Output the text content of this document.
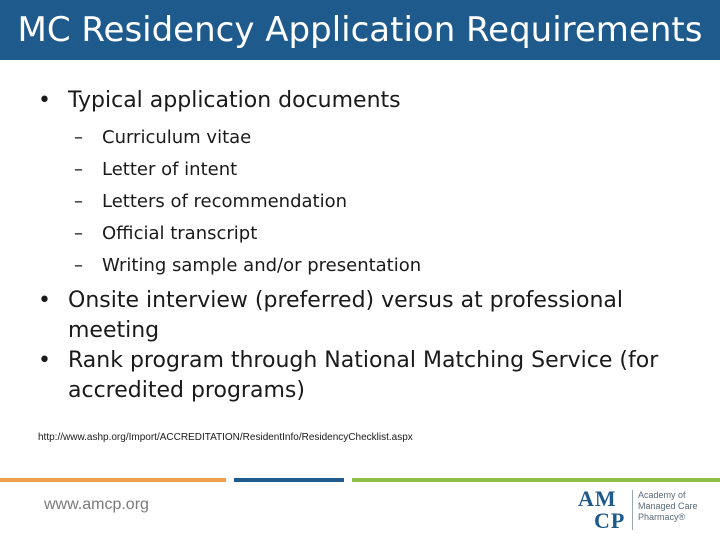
MC Residency Application Requirements
• Typical application documents
– Curriculum vitae
– Letter of intent
– Letters of recommendation
– Official transcript
– Writing sample and/or presentation
• Onsite interview (preferred) versus at professional meeting
• Rank program through National Matching Service (for accredited programs)
http://www.ashp.org/Import/ACCREDITATION/ResidentInfo/ResidencyChecklist.aspx
www.amcp.org	AM
CP
Academy of
Managed Care
Pharmacy®
